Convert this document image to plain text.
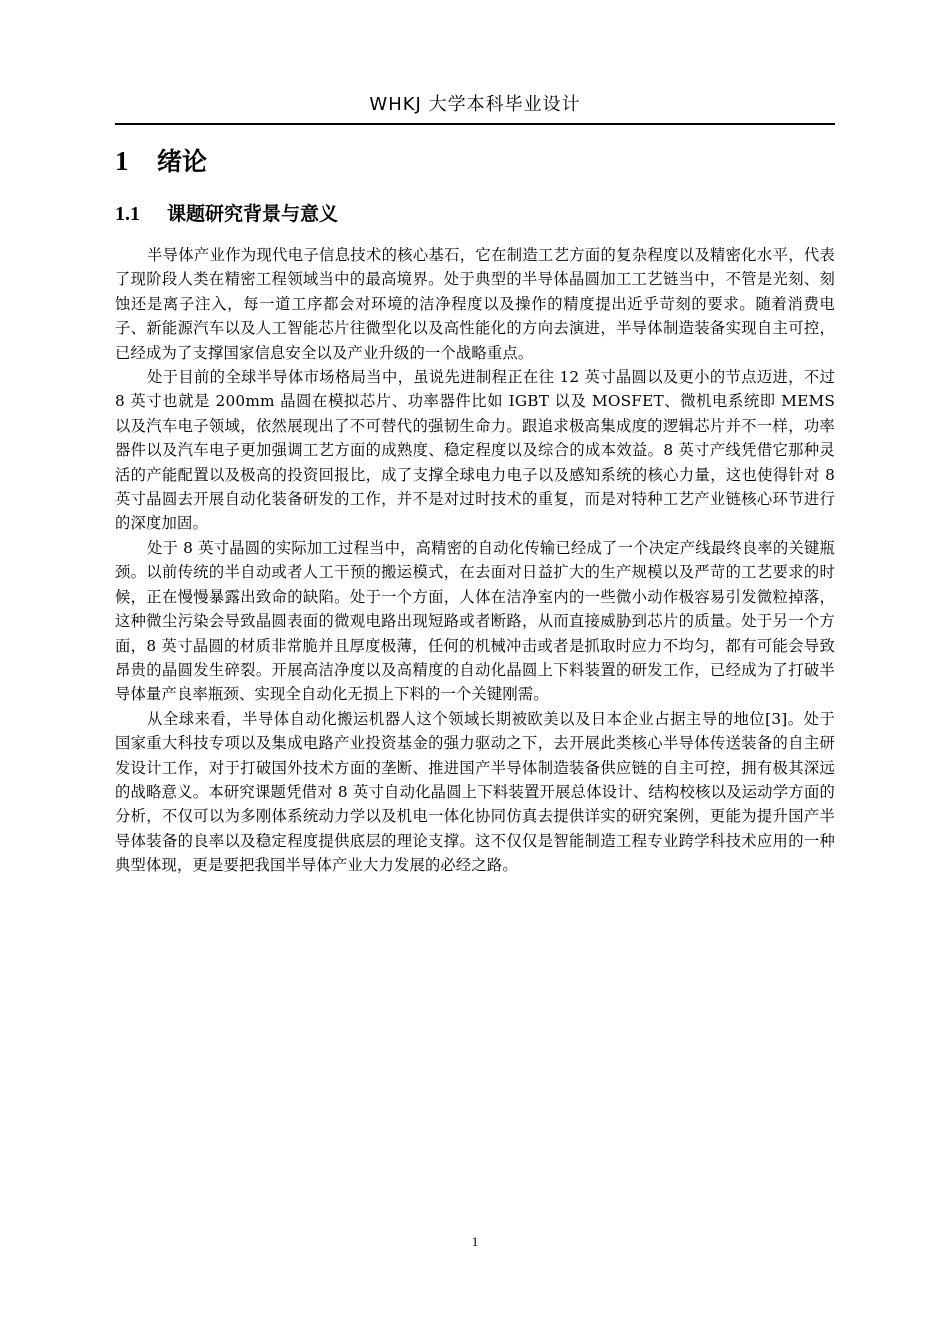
WHKJ 大学本科毕业设计
1 绪论
1.1 课题研究背景与意义

半导体产业作为现代电子信息技术的核心基石，它在制造工艺方面的复杂程度以及精密化水平，代表了现阶段人类在精密工程领域当中的最高境界。处于典型的半导体晶圆加工工艺链当中，不管是光刻、刻蚀还是离子注入，每一道工序都会对环境的洁净程度以及操作的精度提出近乎苛刻的要求。随着消费电子、新能源汽车以及人工智能芯片往微型化以及高性能化的方向去演进，半导体制造装备实现自主可控，已经成为了支撑国家信息安全以及产业升级的一个战略重点。

处于目前的全球半导体市场格局当中，虽说先进制程正在往 12 英寸晶圆以及更小的节点迈进，不过 8 英寸也就是 200mm 晶圆在模拟芯片、功率器件比如 IGBT 以及 MOSFET、微机电系统即 MEMS 以及汽车电子领域，依然展现出了不可替代的强韧生命力。跟追求极高集成度的逻辑芯片并不一样，功率器件以及汽车电子更加强调工艺方面的成熟度、稳定程度以及综合的成本效益。8 英寸产线凭借它那种灵活的产能配置以及极高的投资回报比，成了支撑全球电力电子以及感知系统的核心力量，这也使得针对 8 英寸晶圆去开展自动化装备研发的工作，并不是对过时技术的重复，而是对特种工艺产业链核心环节进行的深度加固。

处于 8 英寸晶圆的实际加工过程当中，高精密的自动化传输已经成了一个决定产线最终良率的关键瓶颈。以前传统的半自动或者人工干预的搬运模式，在去面对日益扩大的生产规模以及严苛的工艺要求的时候，正在慢慢暴露出致命的缺陷。处于一个方面，人体在洁净室内的一些微小动作极容易引发微粒掉落，这种微尘污染会导致晶圆表面的微观电路出现短路或者断路，从而直接威胁到芯片的质量。处于另一个方面，8 英寸晶圆的材质非常脆并且厚度极薄，任何的机械冲击或者是抓取时应力不均匀，都有可能会导致昂贵的晶圆发生碎裂。开展高洁净度以及高精度的自动化晶圆上下料装置的研发工作，已经成为了打破半导体量产良率瓶颈、实现全自动化无损上下料的一个关键刚需。

从全球来看，半导体自动化搬运机器人这个领域长期被欧美以及日本企业占据主导的地位[3]。处于国家重大科技专项以及集成电路产业投资基金的强力驱动之下，去开展此类核心半导体传送装备的自主研发设计工作，对于打破国外技术方面的垄断、推进国产半导体制造装备供应链的自主可控，拥有极其深远的战略意义。本研究课题凭借对 8 英寸自动化晶圆上下料装置开展总体设计、结构校核以及运动学方面的分析，不仅可以为多刚体系统动力学以及机电一体化协同仿真去提供详实的研究案例，更能为提升国产半导体装备的良率以及稳定程度提供底层的理论支撑。这不仅仅是智能制造工程专业跨学科技术应用的一种典型体现，更是要把我国半导体产业大力发展的必经之路。

1
